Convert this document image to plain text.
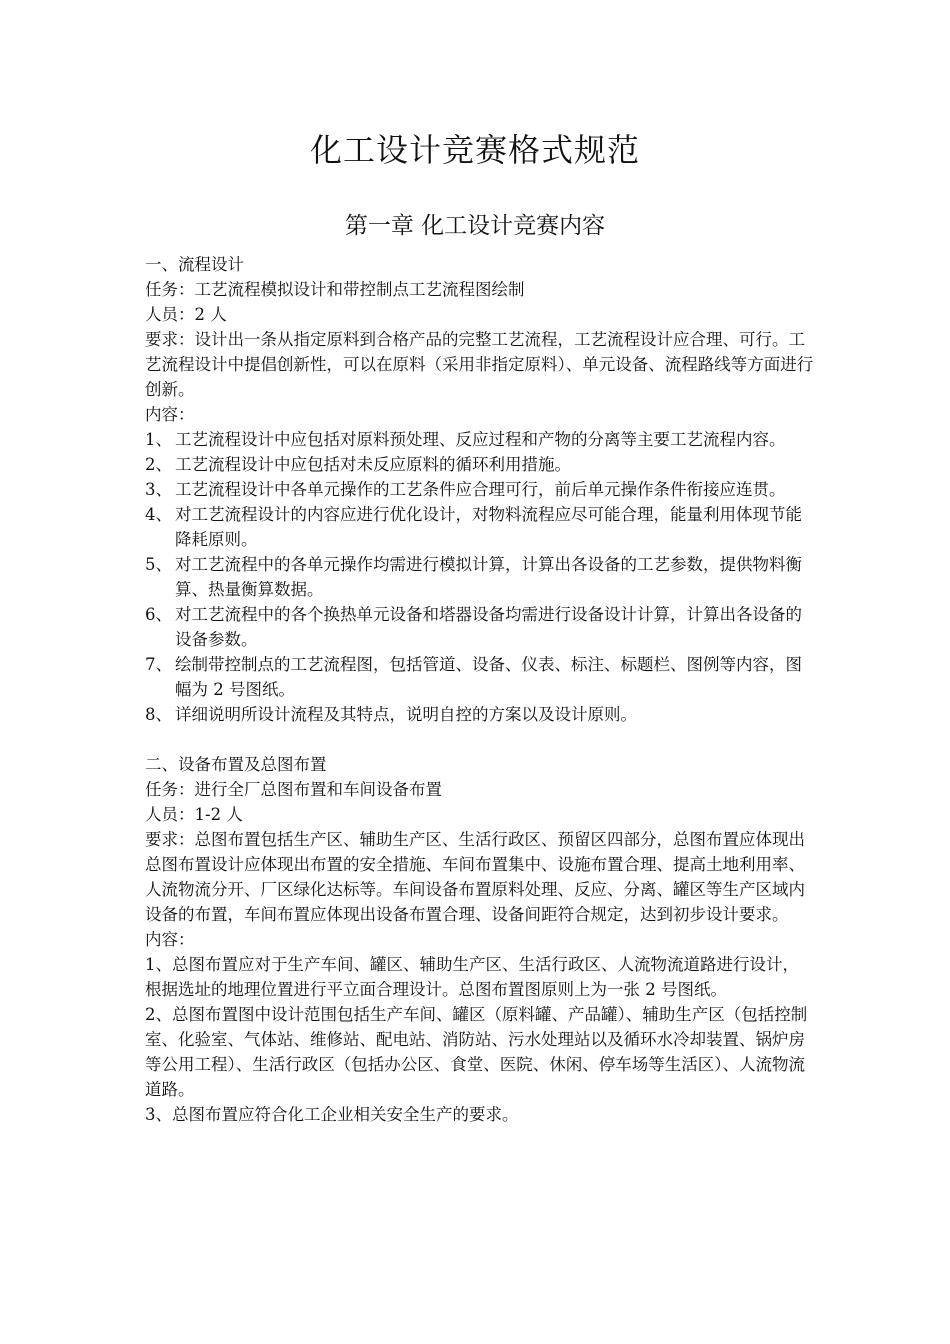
化工设计竞赛格式规范
第一章 化工设计竞赛内容

一、流程设计

任务：工艺流程模拟设计和带控制点工艺流程图绘制

人员：2 人

要求：设计出一条从指定原料到合格产品的完整工艺流程，工艺流程设计应合理、可行。工艺流程设计中提倡创新性，可以在原料（采用非指定原料）、单元设备、流程路线等方面进行创新。

内容：

1、 工艺流程设计中应包括对原料预处理、反应过程和产物的分离等主要工艺流程内容。
2、 工艺流程设计中应包括对未反应原料的循环利用措施。
3、 工艺流程设计中各单元操作的工艺条件应合理可行，前后单元操作条件衔接应连贯。
4、 对工艺流程设计的内容应进行优化设计，对物料流程应尽可能合理，能量利用体现节能降耗原则。
5、 对工艺流程中的各单元操作均需进行模拟计算，计算出各设备的工艺参数，提供物料衡算、热量衡算数据。
6、 对工艺流程中的各个换热单元设备和塔器设备均需进行设备设计计算，计算出各设备的设备参数。
7、 绘制带控制点的工艺流程图，包括管道、设备、仪表、标注、标题栏、图例等内容，图幅为 2 号图纸。
8、 详细说明所设计流程及其特点，说明自控的方案以及设计原则。

二、设备布置及总图布置

任务：进行全厂总图布置和车间设备布置

人员：1-2 人

要求：总图布置包括生产区、辅助生产区、生活行政区、预留区四部分，总图布置应体现出总图布置设计应体现出布置的安全措施、车间布置集中、设施布置合理、提高土地利用率、人流物流分开、厂区绿化达标等。车间设备布置原料处理、反应、分离、罐区等生产区域内设备的布置，车间布置应体现出设备布置合理、设备间距符合规定，达到初步设计要求。

内容：

1、总图布置应对于生产车间、罐区、辅助生产区、生活行政区、人流物流道路进行设计，根据选址的地理位置进行平立面合理设计。总图布置图原则上为一张 2 号图纸。

2、总图布置图中设计范围包括生产车间、罐区（原料罐、产品罐）、辅助生产区（包括控制室、化验室、气体站、维修站、配电站、消防站、污水处理站以及循环水冷却装置、锅炉房等公用工程）、生活行政区（包括办公区、食堂、医院、休闲、停车场等生活区）、人流物流道路。

3、总图布置应符合化工企业相关安全生产的要求。
